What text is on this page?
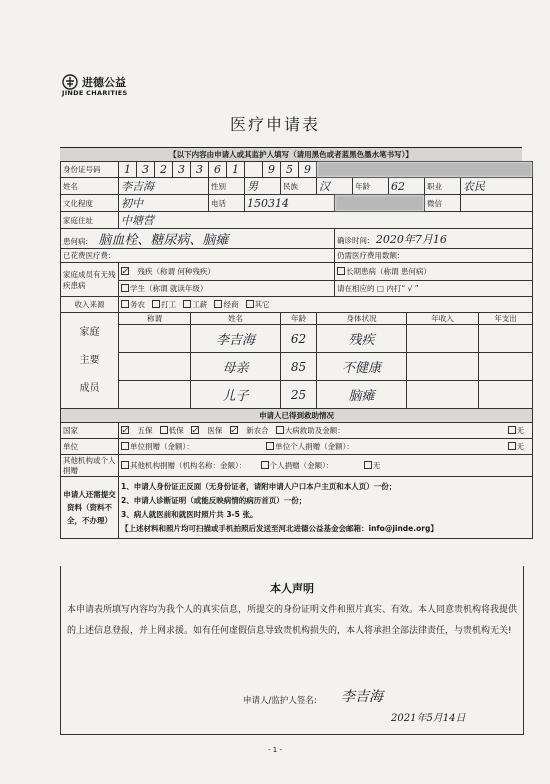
进德公益
JINDE CHARITIES
医疗申请表
【以下内容由申请人或其监护人填写（请用黑色或者蓝黑色墨水笔书写）】
身份证号码	1	3	2	3	3	6	1		9	5	9								
姓名	李吉海					性别		男		民族		汉		年龄	62		职业	农民	
文化程度	初中					电话		150314									微信		
家庭住址	中塘营																		
患何病: 脑血栓、糖尿病、脑瘫													确诊时间: 2020年7月16						
已花费医疗费:													仍需医疗费用数额:						
家庭成员有无残疾患病	✓ 残疾（称谓 何种残疾）												长期患病（称谓 患何病）						
	学生（称谓 就读年级）												请在相应的 □ 内打“ √ ”						
收入来源	务农 打工 工薪 经商 其它																		
家庭主要成员	称谓				姓名					年龄		身体状况				年收入			年支出
					李吉海					62		残疾							
					母亲					85		不健康							
					儿子					25		脑瘫							
申请人已得到救助情况																			
国家	✓ 五保 低保 ✓ 医保 ✓ 新农合 大病救助及金额： 无																		

单位	单位捐赠（金额）： 单位个人捐赠（金额）： 无																		

其他机构或个人捐赠	其他机构捐赠（机构名称：金额）： 个人捐赠（金额）： 无																		
申请人还需提交资料（资料不全，不办理）	1、申请人身份证正反面（无身份证者，请附申请人户口本户主页和本人页）一份；
2、申请人诊断证明（或能反映病情的病历首页）一份；
3、病人就医前和就医时照片共 3-5 张。
【上述材料和照片均可扫描或手机拍照后发送至河北进德公益基金会邮箱：info@jinde.org】																		
本人声明
本申请表所填写内容均为我个人的真实信息，所提交的身份证明文件和照片真实、有效。本人同意贵机构将我提供的上述信息登报，并上网求援。如有任何虚假信息导致贵机构损失的，本人将承担全部法律责任，与贵机构无关!
申请人/监护人签名: 李吉海
2021年5月14日
- 1 -
